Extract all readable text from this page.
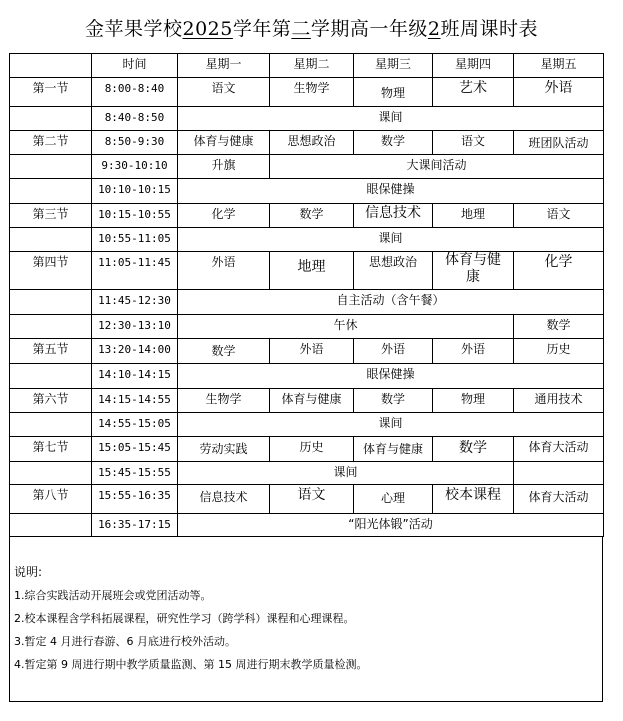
金苹果学校2025学年第二学期高一年级2班周课时表
	时间	星期一	星期二	星期三	星期四	星期五
第一节	8:00-8:40	语文	生物学	物理	艺术	外语
	8:40-8:50	课间				
第二节	8:50-9:30	体育与健康	思想政治	数学	语文	班团队活动
	9:30-10:10	升旗	大课间活动			
	10:10-10:15	眼保健操				
第三节	10:15-10:55	化学	数学	信息技术	地理	语文
	10:55-11:05	课间				
第四节	11:05-11:45	外语	地理	思想政治	体育与健康	化学
	11:45-12:30	自主活动（含午餐）				
	12:30-13:10	午休				数学
第五节	13:20-14:00	数学	外语	外语	外语	历史
	14:10-14:15	眼保健操				
第六节	14:15-14:55	生物学	体育与健康	数学	物理	通用技术
	14:55-15:05	课间				
第七节	15:05-15:45	劳动实践	历史	体育与健康	数学	体育大活动
	15:45-15:55	课间				
第八节	15:55-16:35	信息技术	语文	心理	校本课程	体育大活动
	16:35-17:15	“阳光体锻”活动				
说明:
1.综合实践活动开展班会或党团活动等。
2.校本课程含学科拓展课程，研究性学习（跨学科）课程和心理课程。
3.暂定 4 月进行春游、6 月底进行校外活动。
4.暂定第 9 周进行期中教学质量监测、第 15 周进行期末教学质量检测。
